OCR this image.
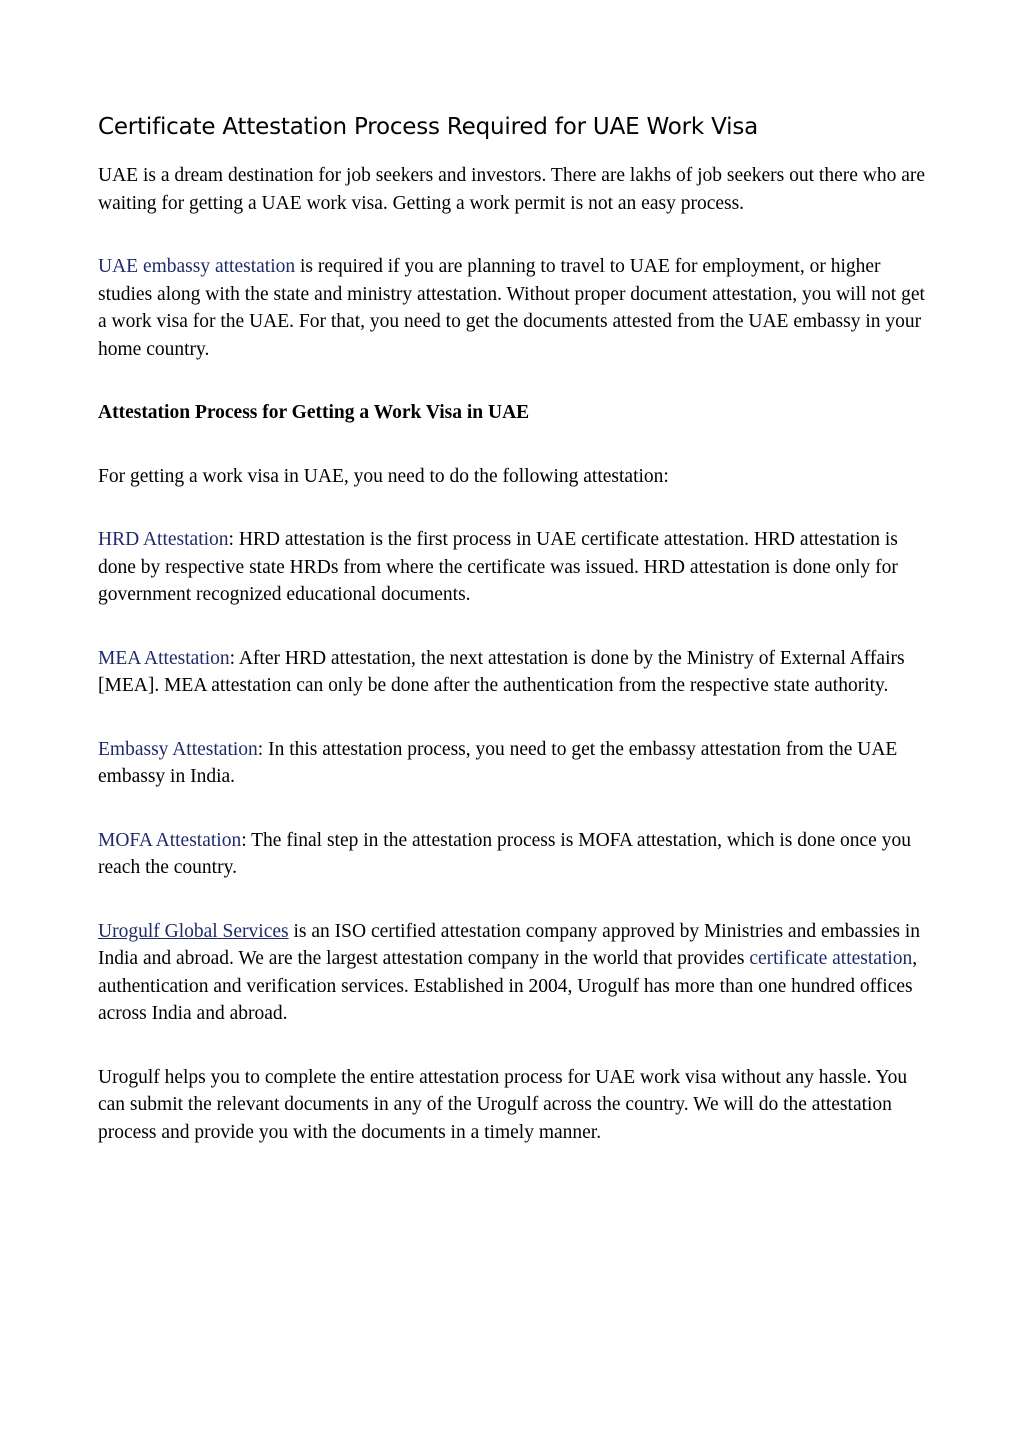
Certificate Attestation Process Required for UAE Work Visa

UAE is a dream destination for job seekers and investors. There are lakhs of job seekers out there who are waiting for getting a UAE work visa. Getting a work permit is not an easy process.

UAE embassy attestation is required if you are planning to travel to UAE for employment, or higher studies along with the state and ministry attestation. Without proper document attestation, you will not get a work visa for the UAE. For that, you need to get the documents attested from the UAE embassy in your home country.

Attestation Process for Getting a Work Visa in UAE

For getting a work visa in UAE, you need to do the following attestation:

HRD Attestation: HRD attestation is the first process in UAE certificate attestation. HRD attestation is done by respective state HRDs from where the certificate was issued. HRD attestation is done only for government recognized educational documents.

MEA Attestation: After HRD attestation, the next attestation is done by the Ministry of External Affairs [MEA]. MEA attestation can only be done after the authentication from the respective state authority.

Embassy Attestation: In this attestation process, you need to get the embassy attestation from the UAE embassy in India.

MOFA Attestation: The final step in the attestation process is MOFA attestation, which is done once you reach the country.

Urogulf Global Services is an ISO certified attestation company approved by Ministries and embassies in India and abroad. We are the largest attestation company in the world that provides certificate attestation, authentication and verification services. Established in 2004, Urogulf has more than one hundred offices across India and abroad.

Urogulf helps you to complete the entire attestation process for UAE work visa without any hassle. You can submit the relevant documents in any of the Urogulf across the country. We will do the attestation process and provide you with the documents in a timely manner.
